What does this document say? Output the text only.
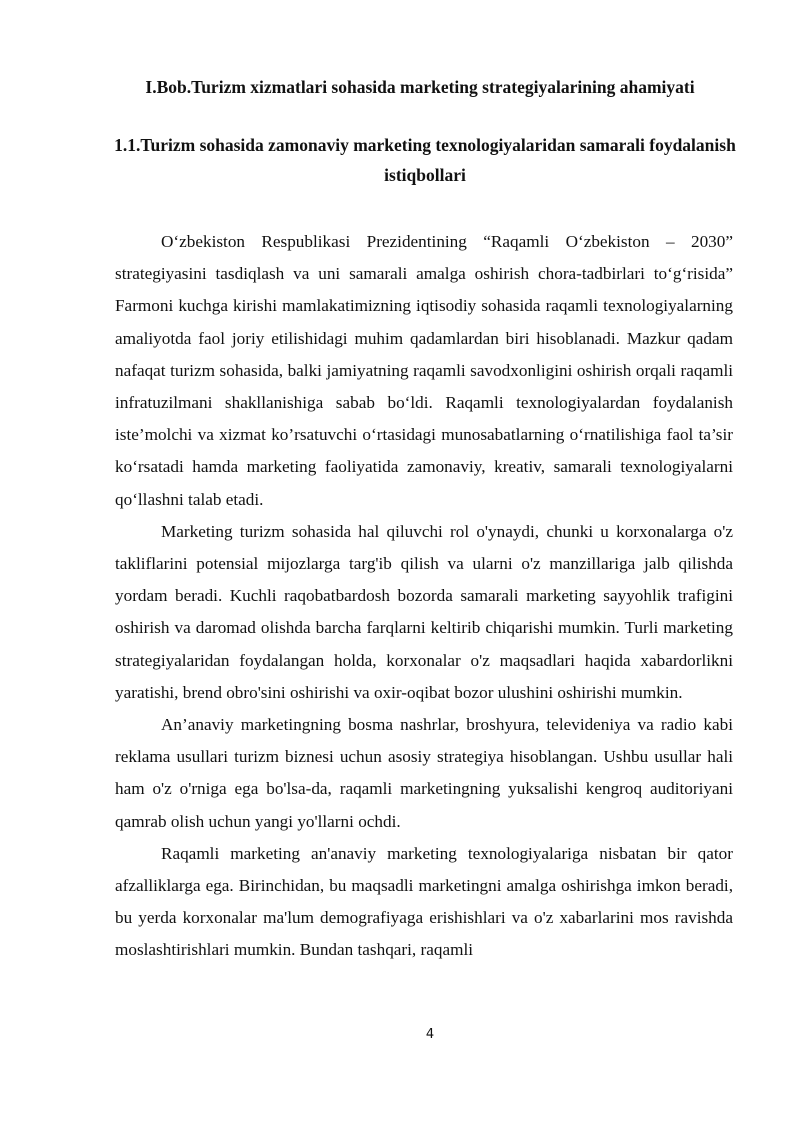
I.Bob.Turizm xizmatlari sohasida marketing strategiyalarining ahamiyati
1.1.Turizm sohasida zamonaviy marketing texnologiyalaridan samarali foydalanish istiqbollari

O‘zbekiston Respublikasi Prezidentining “Raqamli O‘zbekiston – 2030” strategiyasini tasdiqlash va uni samarali amalga oshirish chora-tadbirlari to‘g‘risida” Farmoni kuchga kirishi mamlakatimizning iqtisodiy sohasida raqamli texnologiyalarning amaliyotda faol joriy etilishidagi muhim qadamlardan biri hisoblanadi. Mazkur qadam nafaqat turizm sohasida, balki jamiyatning raqamli savodxonligini oshirish orqali raqamli infratuzilmani shakllanishiga sabab bo‘ldi. Raqamli texnologiyalardan foydalanish iste’molchi va xizmat ko’rsatuvchi o‘rtasidagi munosabatlarning o‘rnatilishiga faol ta’sir ko‘rsatadi hamda marketing faoliyatida zamonaviy, kreativ, samarali texnologiyalarni qo‘llashni talab etadi.

Marketing turizm sohasida hal qiluvchi rol o'ynaydi, chunki u korxonalarga o'z takliflarini potensial mijozlarga targ'ib qilish va ularni o'z manzillariga jalb qilishda yordam beradi. Kuchli raqobatbardosh bozorda samarali marketing sayyohlik trafigini oshirish va daromad olishda barcha farqlarni keltirib chiqarishi mumkin. Turli marketing strategiyalaridan foydalangan holda, korxonalar o'z maqsadlari haqida xabardorlikni yaratishi, brend obro'sini oshirishi va oxir-oqibat bozor ulushini oshirishi mumkin.

An’anaviy marketingning bosma nashrlar, broshyura, televideniya va radio kabi reklama usullari turizm biznesi uchun asosiy strategiya hisoblangan. Ushbu usullar hali ham o'z o'rniga ega bo'lsa-da, raqamli marketingning yuksalishi kengroq auditoriyani qamrab olish uchun yangi yo'llarni ochdi.

Raqamli marketing an'anaviy marketing texnologiyalariga nisbatan bir qator afzalliklarga ega. Birinchidan, bu maqsadli marketingni amalga oshirishga imkon beradi, bu yerda korxonalar ma'lum demografiyaga erishishlari va o'z xabarlarini mos ravishda moslashtirishlari mumkin. Bundan tashqari, raqamli

4
